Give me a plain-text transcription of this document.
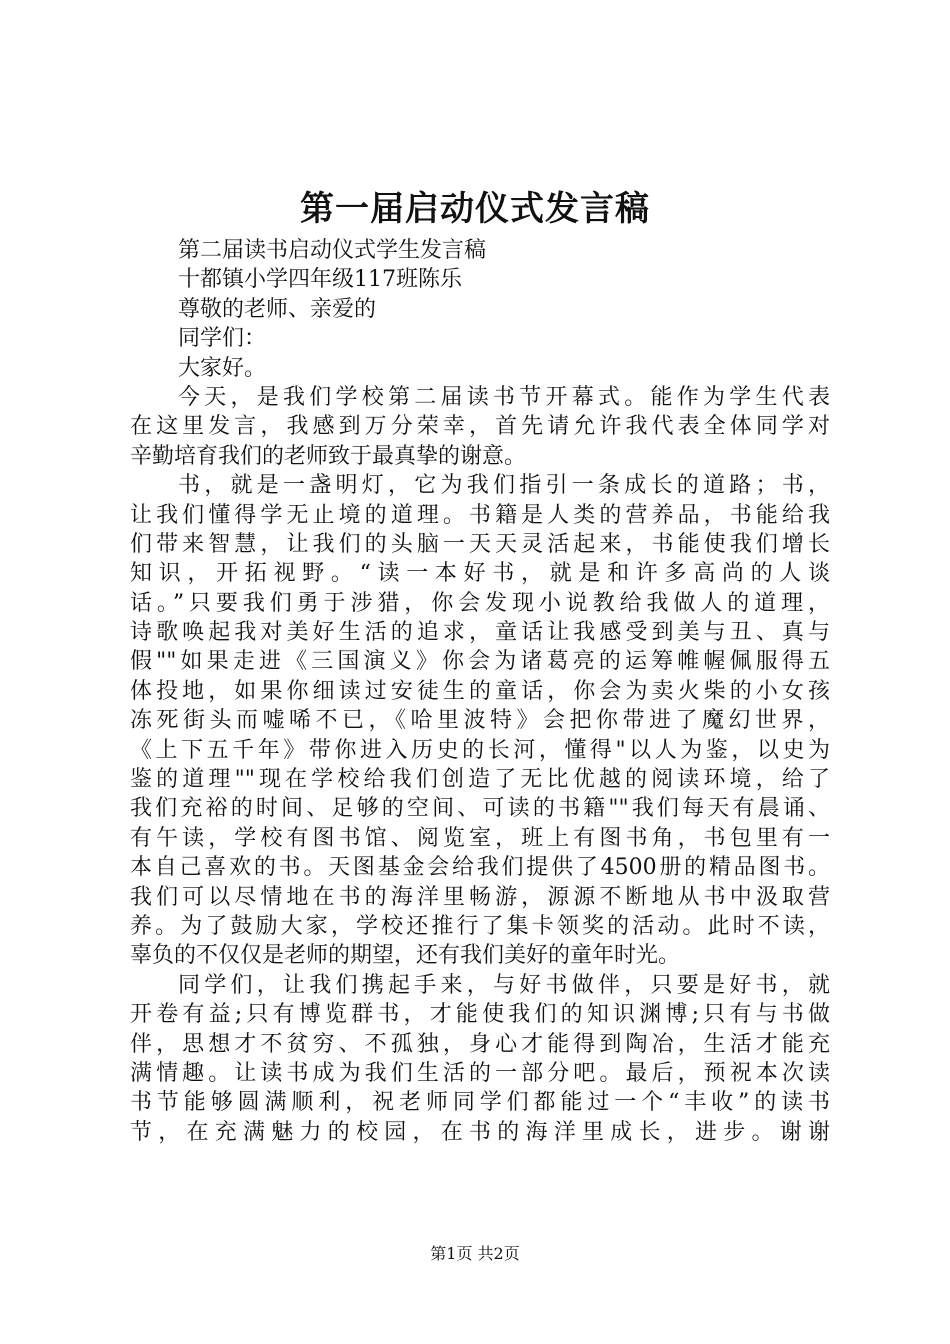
第一届启动仪式发言稿

第二届读书启动仪式学生发言稿

十都镇小学四年级117班陈乐

尊敬的老师、亲爱的

同学们：

大家好。

今天，是我们学校第二届读书节开幕式。能作为学生代表

在这里发言，我感到万分荣幸，首先请允许我代表全体同学对

辛勤培育我们的老师致于最真挚的谢意。

书，就是一盏明灯，它为我们指引一条成长的道路；书，

让我们懂得学无止境的道理。书籍是人类的营养品，书能给我

们带来智慧，让我们的头脑一天天灵活起来，书能使我们增长

知识，开拓视野。“读一本好书，就是和许多高尚的人谈

话。”只要我们勇于涉猎，你会发现小说教给我做人的道理，

诗歌唤起我对美好生活的追求，童话让我感受到美与丑、真与

假""如果走进《三国演义》你会为诸葛亮的运筹帷幄佩服得五

体投地，如果你细读过安徒生的童话，你会为卖火柴的小女孩

冻死街头而嘘唏不已，《哈里波特》会把你带进了魔幻世界，

《上下五千年》带你进入历史的长河，懂得"以人为鉴，以史为

鉴的道理""现在学校给我们创造了无比优越的阅读环境，给了

我们充裕的时间、足够的空间、可读的书籍""我们每天有晨诵、

有午读，学校有图书馆、阅览室，班上有图书角，书包里有一

本自己喜欢的书。天图基金会给我们提供了4500册的精品图书。

我们可以尽情地在书的海洋里畅游，源源不断地从书中汲取营

养。为了鼓励大家，学校还推行了集卡领奖的活动。此时不读，

辜负的不仅仅是老师的期望，还有我们美好的童年时光。

同学们，让我们携起手来，与好书做伴，只要是好书，就

开卷有益;只有博览群书，才能使我们的知识渊博;只有与书做

伴，思想才不贫穷、不孤独，身心才能得到陶冶，生活才能充

满情趣。让读书成为我们生活的一部分吧。最后，预祝本次读

书节能够圆满顺利，祝老师同学们都能过一个“丰收”的读书

节，在充满魅力的校园，在书的海洋里成长，进步。谢谢

第1页 共2页
